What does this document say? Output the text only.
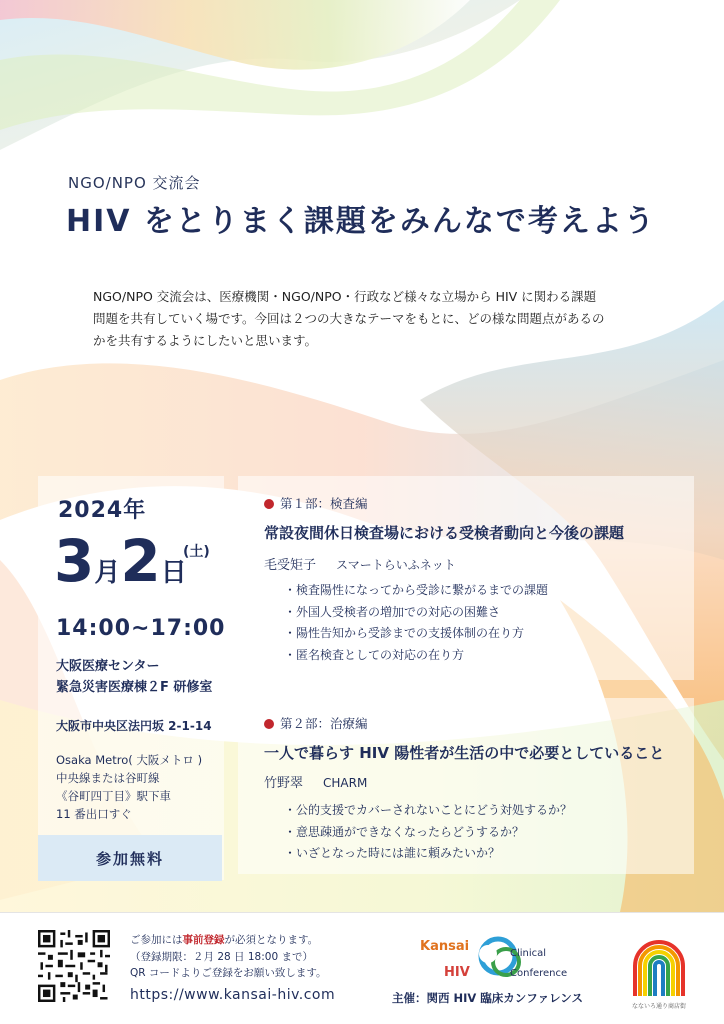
NGO/NPO 交流会
HIV をとりまく課題をみんなで考えよう
NGO/NPO 交流会は、医療機関・NGO/NPO・行政など様々な立場から HIV に関わる課題
問題を共有していく場です。今回は２つの大きなテーマをもとに、どの様な問題点があるの
かを共有するようにしたいと思います。
2024年
3月2日
(土)
14:00~17:00
大阪医療センター
緊急災害医療棟２F 研修室
大阪市中央区法円坂 2-1-14
Osaka Metro( 大阪メトロ )
中央線または谷町線
《谷町四丁目》駅下車
11 番出口すぐ
参加無料
第１部：検査編
常設夜間休日検査場における受検者動向と今後の課題
毛受矩子 スマートらいふネット
・検査陽性になってから受診に繋がるまでの課題
・外国人受検者の増加での対応の困難さ
・陽性告知から受診までの支援体制の在り方
・匿名検査としての対応の在り方
第２部：治療編
一人で暮らす HIV 陽性者が生活の中で必要としていること
竹野翠 CHARM
・公的支援でカバーされないことにどう対処するか？
・意思疎通ができなくなったらどうするか？
・いざとなった時には誰に頼みたいか？
ご参加には事前登録が必須となります。
（登録期限：２月 28 日 18:00 まで）
QR コードよりご登録をお願い致します。
https://www.kansai-hiv.com
Kansai
HIV
Clinical
Conference
主催：関西 HIV 臨床カンファレンス
なないろ通り商店街
